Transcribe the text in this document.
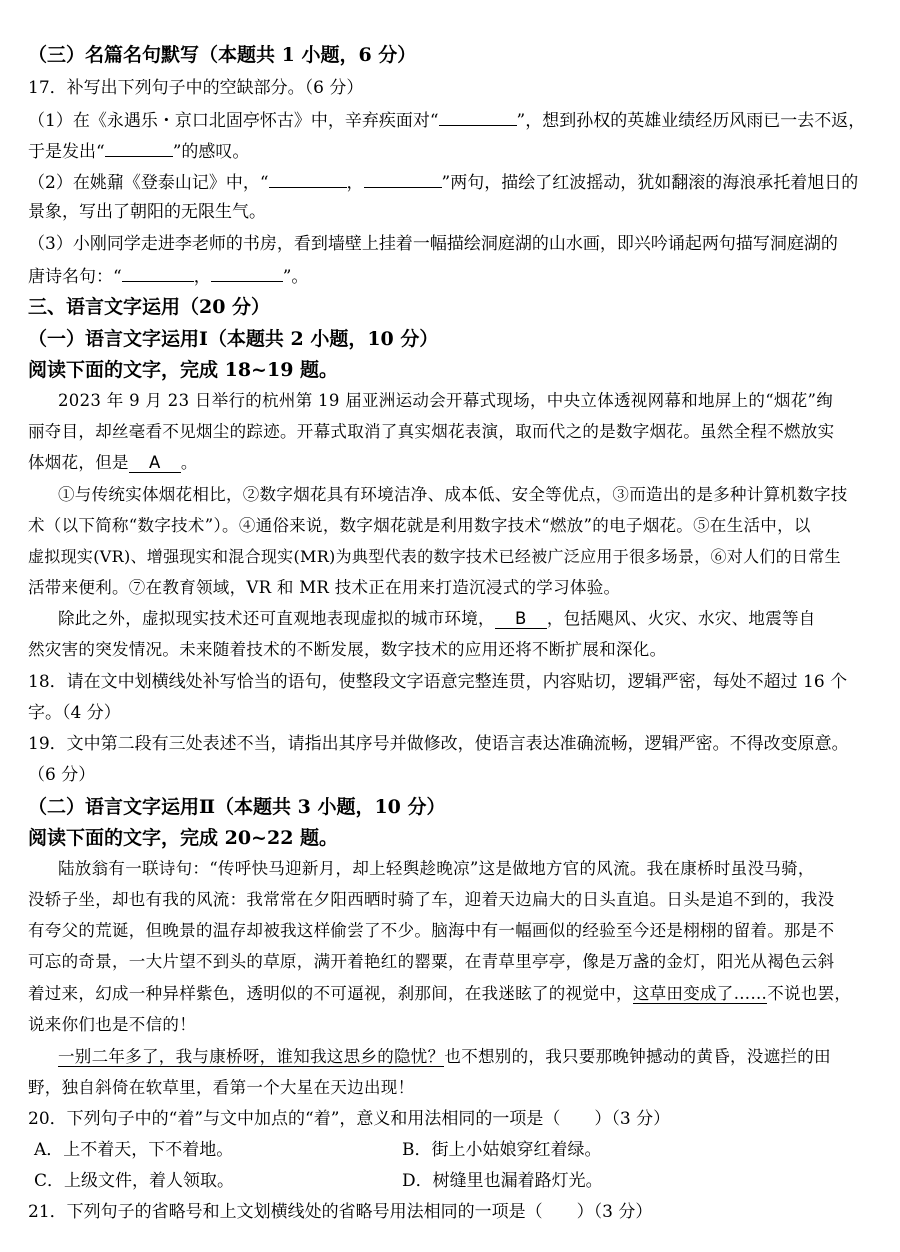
（三）名篇名句默写（本题共 1 小题，6 分）
17．补写出下列句子中的空缺部分。（6 分）
（1）在《永遇乐・京口北固亭怀古》中，辛弃疾面对“	”，想到孙权的英雄业绩经历风雨已一去不返，
于是发出“	”的感叹。
（2）在姚鼐《登泰山记》中，“	，	”两句，描绘了红波摇动，犹如翻滚的海浪承托着旭日的
景象，写出了朝阳的无限生气。
（3）小刚同学走进李老师的书房，看到墙壁上挂着一幅描绘洞庭湖的山水画，即兴吟诵起两句描写洞庭湖的
唐诗名句：“	，	”。
三、语言文字运用（20 分）
（一）语言文字运用Ⅰ（本题共 2 小题，10 分）
阅读下面的文字，完成 18~19 题。
2023 年 9 月 23 日举行的杭州第 19 届亚洲运动会开幕式现场，中央立体透视网幕和地屏上的“烟花”绚
丽夺目，却丝毫看不见烟尘的踪迹。开幕式取消了真实烟花表演，取而代之的是数字烟花。虽然全程不燃放实
体烟花，但是 A 。
①与传统实体烟花相比，②数字烟花具有环境洁净、成本低、安全等优点，③而造出的是多种计算机数字技
术（以下简称“数字技术”）。④通俗来说，数字烟花就是利用数字技术“燃放”的电子烟花。⑤在生活中，以
虚拟现实(VR)、增强现实和混合现实(MR)为典型代表的数字技术已经被广泛应用于很多场景，⑥对人们的日常生
活带来便利。⑦在教育领域，VR 和 MR 技术正在用来打造沉浸式的学习体验。
除此之外，虚拟现实技术还可直观地表现虚拟的城市环境， B ，包括飓风、火灾、水灾、地震等自
然灾害的突发情况。未来随着技术的不断发展，数字技术的应用还将不断扩展和深化。
18．请在文中划横线处补写恰当的语句，使整段文字语意完整连贯，内容贴切，逻辑严密，每处不超过 16 个
字。（4 分）
19．文中第二段有三处表述不当，请指出其序号并做修改，使语言表达准确流畅，逻辑严密。不得改变原意。
（6 分）
（二）语言文字运用Ⅱ（本题共 3 小题，10 分）
阅读下面的文字，完成 20~22 题。
陆放翁有一联诗句：“传呼快马迎新月，却上轻舆趁晚凉”这是做地方官的风流。我在康桥时虽没马骑，
没轿子坐，却也有我的风流：我常常在夕阳西晒时骑了车，迎着天边扁大的日头直追。日头是追不到的，我没
有夸父的荒诞，但晚景的温存却被我这样偷尝了不少。脑海中有一幅画似的经验至今还是栩栩的留着。那是不
可忘的奇景，一大片望不到头的草原，满开着艳红的罂粟，在青草里亭亭，像是万盏的金灯，阳光从褐色云斜
着过来，幻成一种异样紫色，透明似的不可逼视，刹那间，在我迷眩了的视觉中，这草田变成了……不说也罢，
说来你们也是不信的！
一别二年多了，我与康桥呀，谁知我这思乡的隐忧？也不想别的，我只要那晚钟撼动的黄昏，没遮拦的田
野，独自斜倚在软草里，看第一个大星在天边出现！
20．下列句子中的“着”与文中加点的“着”，意义和用法相同的一项是（　　）（3 分）
A．上不着天，下不着地。	B．街上小姑娘穿红着绿。
C．上级文件，着人领取。	D．树缝里也漏着路灯光。
21．下列句子的省略号和上文划横线处的省略号用法相同的一项是（　　）（3 分）
